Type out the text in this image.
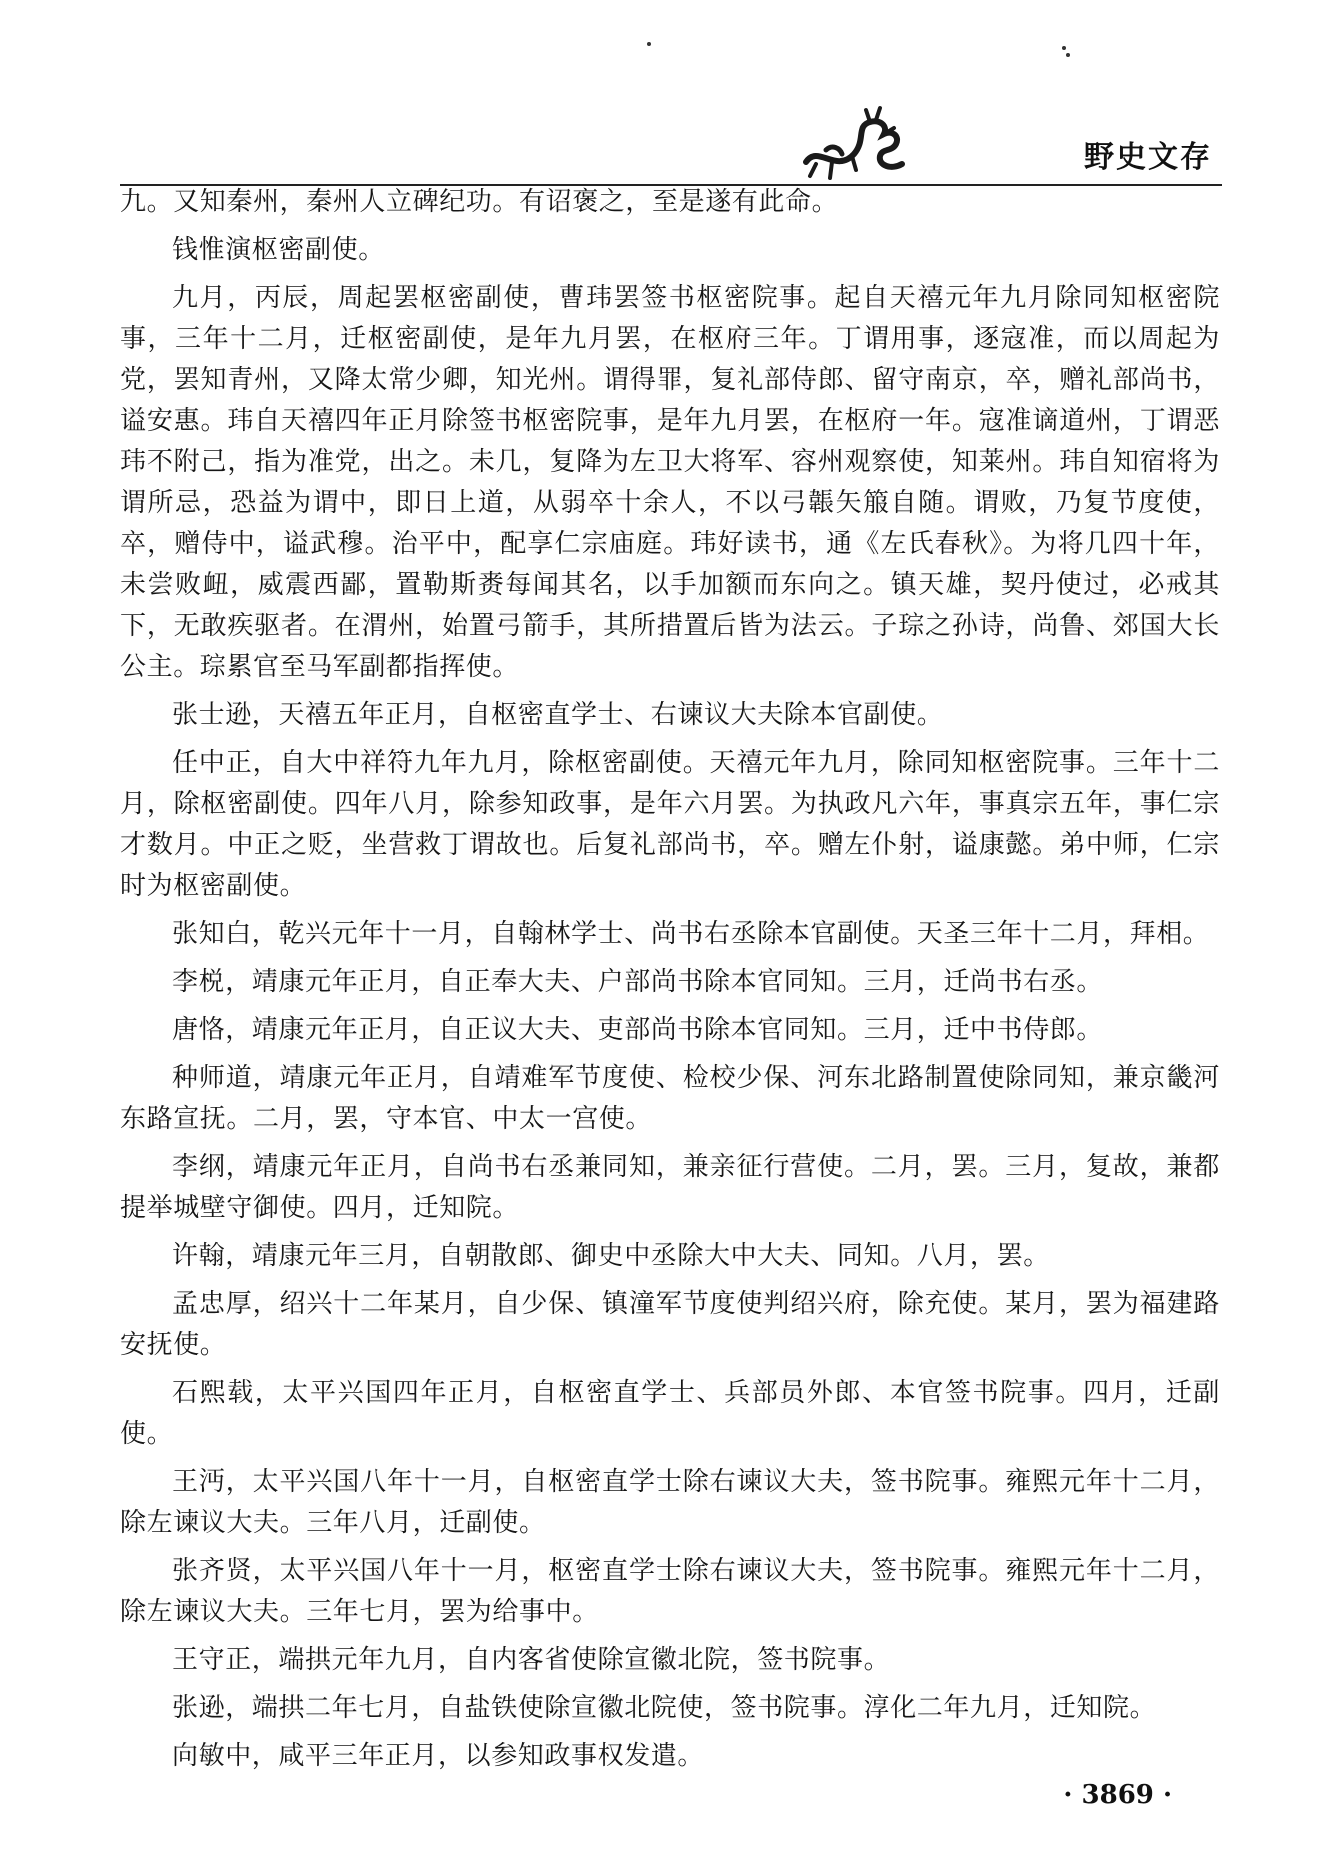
野史文存

九。又知秦州，秦州人立碑纪功。有诏褒之，至是遂有此命。

钱惟演枢密副使。

九月，丙辰，周起罢枢密副使，曹玮罢签书枢密院事。起自天禧元年九月除同知枢密院事，三年十二月，迁枢密副使，是年九月罢，在枢府三年。丁谓用事，逐寇准，而以周起为党，罢知青州，又降太常少卿，知光州。谓得罪，复礼部侍郎、留守南京，卒，赠礼部尚书，谥安惠。玮自天禧四年正月除签书枢密院事，是年九月罢，在枢府一年。寇准谪道州，丁谓恶玮不附己，指为准党，出之。未几，复降为左卫大将军、容州观察使，知莱州。玮自知宿将为谓所忌，恐益为谓中，即日上道，从弱卒十余人，不以弓韔矢箙自随。谓败，乃复节度使，卒，赠侍中，谥武穆。治平中，配享仁宗庙庭。玮好读书，通《左氏春秋》。为将几四十年，未尝败衄，威震西鄙，置勒斯赉每闻其名，以手加额而东向之。镇天雄，契丹使过，必戒其下，无敢疾驱者。在渭州，始置弓箭手，其所措置后皆为法云。子琮之孙诗，尚鲁、郊国大长公主。琮累官至马军副都指挥使。

张士逊，天禧五年正月，自枢密直学士、右谏议大夫除本官副使。

任中正，自大中祥符九年九月，除枢密副使。天禧元年九月，除同知枢密院事。三年十二月，除枢密副使。四年八月，除参知政事，是年六月罢。为执政凡六年，事真宗五年，事仁宗才数月。中正之贬，坐营救丁谓故也。后复礼部尚书，卒。赠左仆射，谥康懿。弟中师，仁宗时为枢密副使。

张知白，乾兴元年十一月，自翰林学士、尚书右丞除本官副使。天圣三年十二月，拜相。

李棁，靖康元年正月，自正奉大夫、户部尚书除本官同知。三月，迁尚书右丞。

唐恪，靖康元年正月，自正议大夫、吏部尚书除本官同知。三月，迁中书侍郎。

种师道，靖康元年正月，自靖难军节度使、检校少保、河东北路制置使除同知，兼京畿河东路宣抚。二月，罢，守本官、中太一宫使。

李纲，靖康元年正月，自尚书右丞兼同知，兼亲征行营使。二月，罢。三月，复故，兼都提举城壁守御使。四月，迁知院。

许翰，靖康元年三月，自朝散郎、御史中丞除大中大夫、同知。八月，罢。

孟忠厚，绍兴十二年某月，自少保、镇潼军节度使判绍兴府，除充使。某月，罢为福建路安抚使。

石熙载，太平兴国四年正月，自枢密直学士、兵部员外郎、本官签书院事。四月，迁副使。

王沔，太平兴国八年十一月，自枢密直学士除右谏议大夫，签书院事。雍熙元年十二月，除左谏议大夫。三年八月，迁副使。

张齐贤，太平兴国八年十一月，枢密直学士除右谏议大夫，签书院事。雍熙元年十二月，除左谏议大夫。三年七月，罢为给事中。

王守正，端拱元年九月，自内客省使除宣徽北院，签书院事。

张逊，端拱二年七月，自盐铁使除宣徽北院使，签书院事。淳化二年九月，迁知院。

向敏中，咸平三年正月，以参知政事权发遣。

· 3869 ·
